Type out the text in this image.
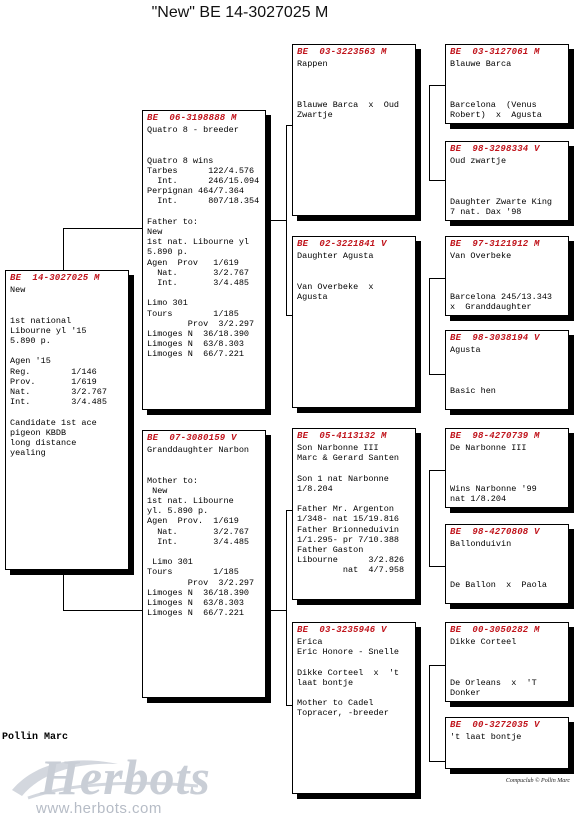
"New" BE 14-3027025 M
BE  14-3027025 M
New

1st national
Libourne yl '15
5.890 p.

Agen '15
Reg.        1/146
Prov.       1/619
Nat.        3/2.767
Int.        3/4.485

Candidate 1st ace
pigeon KBDB
long distance
yealing
BE  06-3198888 M
Quatro 8 - breeder

Quatro 8 wins
Tarbes      122/4.576
Int.      246/15.094
Perpignan 464/7.364
Int.      807/18.354

Father to:
New
1st nat. Libourne yl
5.890 p.
Agen  Prov   1/619
Nat.       3/2.767
Int.       3/4.485

Limo 301
Tours        1/185
Prov  3/2.297
Limoges N  36/18.390
Limoges N  63/8.303
Limoges N  66/7.221
BE  07-3080159 V
Granddaughter Narbon

Mother to:
New
1st nat. Libourne
yl. 5.890 p.
Agen  Prov.  1/619
Nat.       3/2.767
Int.       3/4.485

Limo 301
Tours        1/185
Prov  3/2.297
Limoges N  36/18.390
Limoges N  63/8.303
Limoges N  66/7.221
BE  03-3223563 M
Rappen

Blauwe Barca  x  Oud
Zwartje
BE  02-3221841 V
Daughter Agusta

Van Overbeke  x
Agusta
BE  05-4113132 M
Son Narbonne III
Marc & Gerard Santen

Son 1 nat Narbonne
1/8.204

Father Mr. Argenton
1/348- nat 15/19.816
Father Brionneduivin
1/1.295- pr 7/10.388
Father Gaston
Libourne      3/2.826
nat  4/7.958
BE  03-3235946 V
Erica
Eric Honore - Snelle

Dikke Corteel  x  't
laat bontje

Mother to Cadel
Topracer, -breeder
BE  03-3127061 M
Blauwe Barca

Barcelona  (Venus
Robert)  x  Agusta
BE  98-3298334 V
Oud zwartje

Daughter Zwarte King
7 nat. Dax '98
BE  97-3121912 M
Van Overbeke

Barcelona 245/13.343
x  Granddaughter
BE  98-3038194 V
Agusta

Basic hen
BE  98-4270739 M
De Narbonne III

Wins Narbonne '99
nat 1/8.204
BE  98-4270808 V
Ballonduivin

De Ballon  x  Paola
BE  00-3050282 M
Dikke Corteel

De Orleans  x  'T
Donker
BE  00-3272035 V
't laat bontje
Pollin Marc
Herbots
www.herbots.com
Compuclub © Pollin Marc
